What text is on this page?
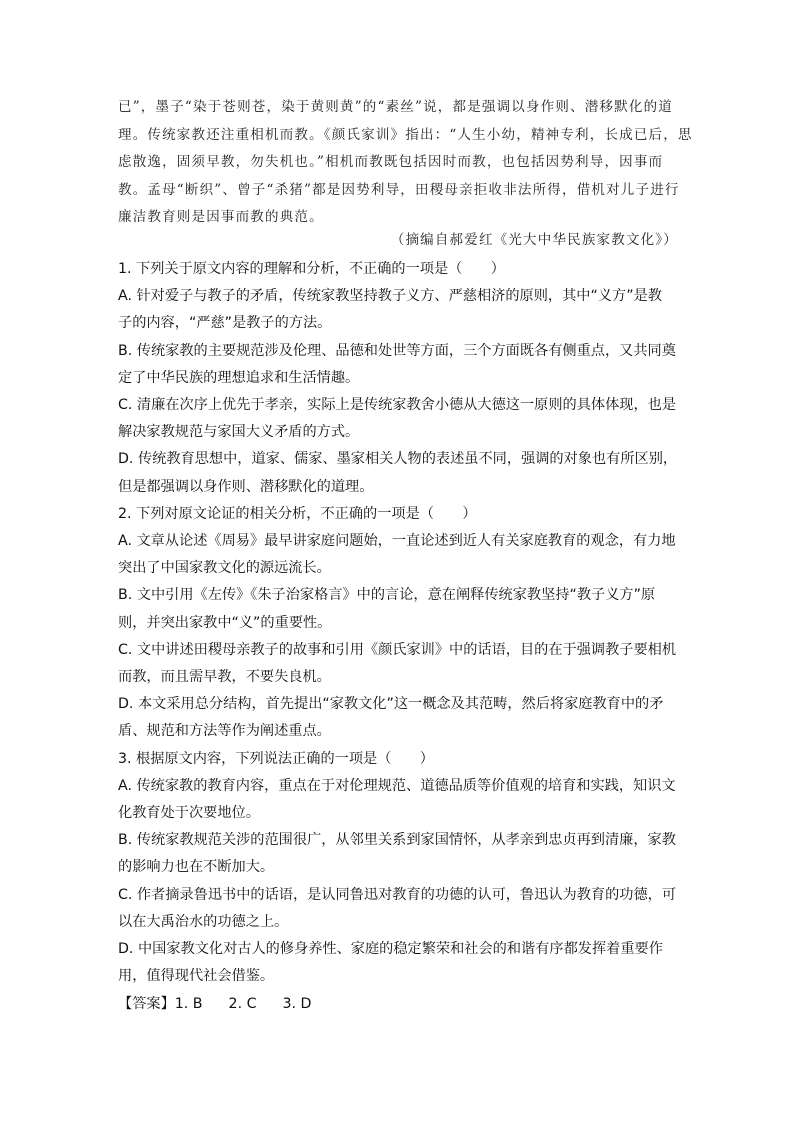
已”，墨子“染于苍则苍，染于黄则黄”的“素丝”说，都是强调以身作则、潜移默化的道

理。传统家教还注重相机而教。《颜氏家训》指出：“人生小幼，精神专利，长成已后，思

虑散逸，固须早教，勿失机也。”相机而教既包括因时而教，也包括因势利导，因事而

教。孟母“断织”、曾子“杀猪”都是因势利导，田稷母亲拒收非法所得，借机对儿子进行

廉洁教育则是因事而教的典范。

（摘编自郝爱红《光大中华民族家教文化》）

1. 下列关于原文内容的理解和分析，不正确的一项是（　　）

A. 针对爱子与教子的矛盾，传统家教坚持教子义方、严慈相济的原则，其中“义方”是教

子的内容，“严慈”是教子的方法。

B. 传统家教的主要规范涉及伦理、品德和处世等方面，三个方面既各有侧重点，又共同奠

定了中华民族的理想追求和生活情趣。

C. 清廉在次序上优先于孝亲，实际上是传统家教舍小德从大德这一原则的具体体现，也是

解决家教规范与家国大义矛盾的方式。

D. 传统教育思想中，道家、儒家、墨家相关人物的表述虽不同，强调的对象也有所区别，

但是都强调以身作则、潜移默化的道理。

2. 下列对原文论证的相关分析，不正确的一项是（　　）

A. 文章从论述《周易》最早讲家庭问题始，一直论述到近人有关家庭教育的观念，有力地

突出了中国家教文化的源远流长。

B. 文中引用《左传》《朱子治家格言》中的言论，意在阐释传统家教坚持“教子义方”原

则，并突出家教中“义”的重要性。

C. 文中讲述田稷母亲教子的故事和引用《颜氏家训》中的话语，目的在于强调教子要相机

而教，而且需早教，不要失良机。

D. 本文采用总分结构，首先提出“家教文化”这一概念及其范畴，然后将家庭教育中的矛

盾、规范和方法等作为阐述重点。

3. 根据原文内容，下列说法正确的一项是（　　）

A. 传统家教的教育内容，重点在于对伦理规范、道德品质等价值观的培育和实践，知识文

化教育处于次要地位。

B. 传统家教规范关涉的范围很广，从邻里关系到家国情怀，从孝亲到忠贞再到清廉，家教

的影响力也在不断加大。

C. 作者摘录鲁迅书中的话语，是认同鲁迅对教育的功德的认可，鲁迅认为教育的功德，可

以在大禹治水的功德之上。

D. 中国家教文化对古人的修身养性、家庭的稳定繁荣和社会的和谐有序都发挥着重要作

用，值得现代社会借鉴。

【答案】1. B 2. C 3. D
